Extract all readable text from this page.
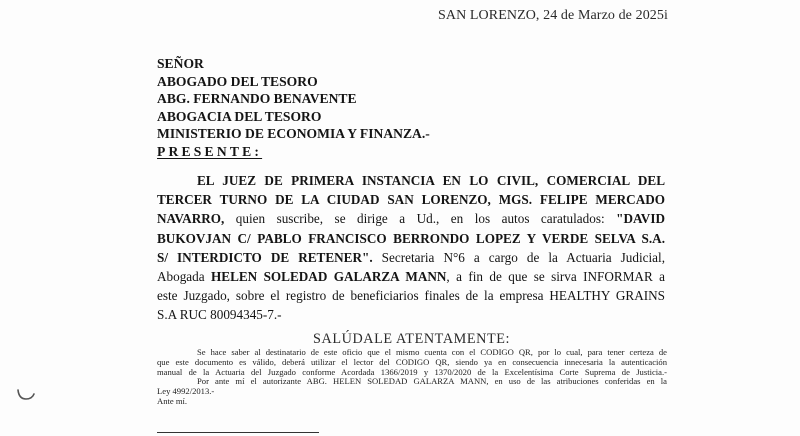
SAN LORENZO, 24 de Marzo de 2025i
SEÑOR
ABOGADO DEL TESORO
ABG. FERNANDO BENAVENTE
ABOGACIA DEL TESORO
MINISTERIO DE ECONOMIA Y FINANZA.-
PRESENTE:
EL JUEZ DE PRIMERA INSTANCIA EN LO CIVIL, COMERCIAL DEL
TERCER TURNO DE LA CIUDAD SAN LORENZO, MGS. FELIPE MERCADO
NAVARRO, quien suscribe, se dirige a Ud., en los autos caratulados: "DAVID
BUKOVJAN C/ PABLO FRANCISCO BERRONDO LOPEZ Y VERDE SELVA S.A.
S/ INTERDICTO DE RETENER". Secretaria N°6 a cargo de la Actuaria Judicial,
Abogada HELEN SOLEDAD GALARZA MANN, a fin de que se sirva INFORMAR a
este Juzgado, sobre el registro de beneficiarios finales de la empresa HEALTHY GRAINS
S.A RUC 80094345-7.-
SALÚDALE ATENTAMENTE:
Se hace saber al destinatario de este oficio que el mismo cuenta con el CODIGO QR, por lo cual, para tener certeza de
que este documento es válido, deberá utilizar el lector del CODIGO QR, siendo ya en consecuencia innecesaria la autenticación
manual de la Actuaria del Juzgado conforme Acordada 1366/2019 y 1370/2020 de la Excelentísima Corte Suprema de Justicia.-
Por ante mí el autorizante ABG. HELEN SOLEDAD GALARZA MANN, en uso de las atribuciones conferidas en la
Ley 4992/2013.-
Ante mí.
